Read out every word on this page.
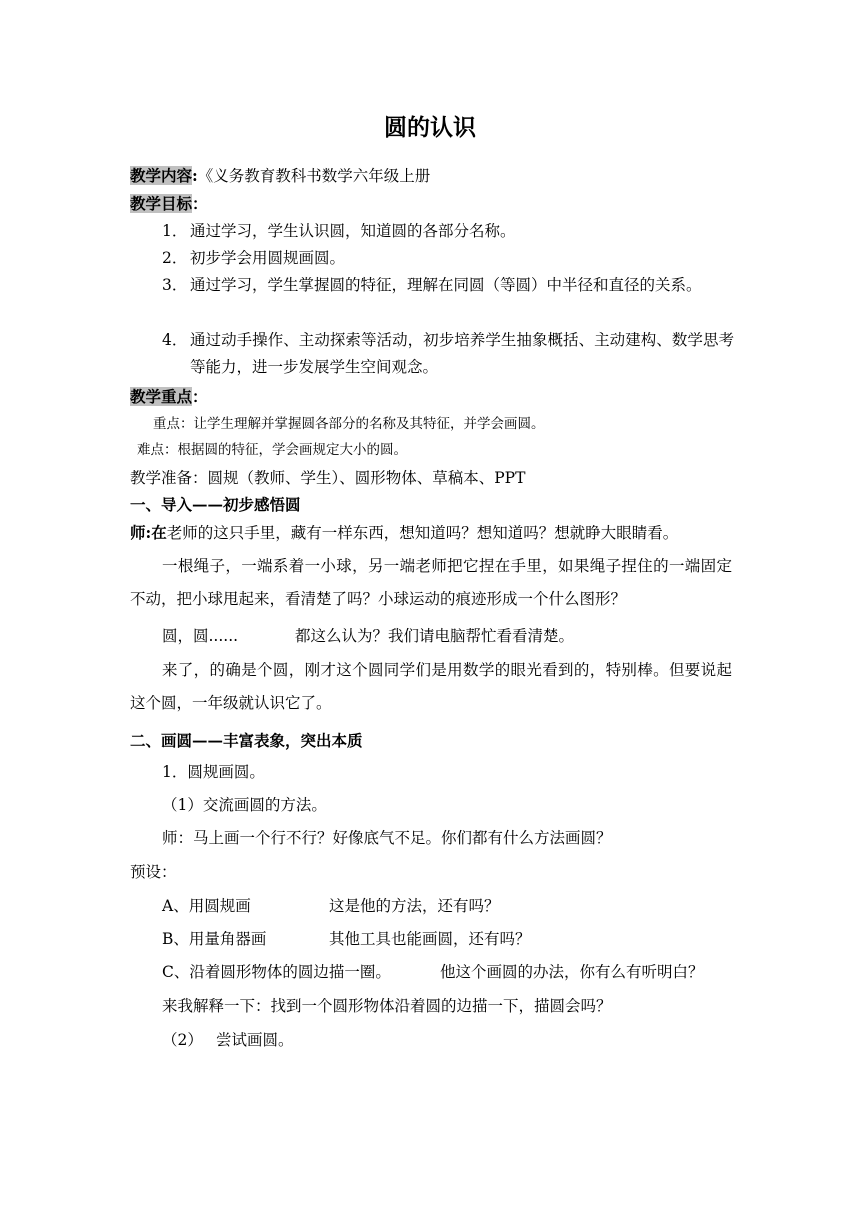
圆的认识
教学内容:《义务教育教科书数学六年级上册
教学目标：
1． 通过学习，学生认识圆，知道圆的各部分名称。
2． 初步学会用圆规画圆。
3． 通过学习，学生掌握圆的特征，理解在同圆（等圆）中半径和直径的关系。
4． 通过动手操作、主动探索等活动，初步培养学生抽象概括、主动建构、数学思考等能力，进一步发展学生空间观念。
教学重点：
重点：让学生理解并掌握圆各部分的名称及其特征，并学会画圆。
难点：根据圆的特征，学会画规定大小的圆。
教学准备：圆规（教师、学生）、圆形物体、草稿本、PPT
一、导入——初步感悟圆
师:在老师的这只手里，藏有一样东西，想知道吗？想知道吗？想就睁大眼睛看。
一根绳子，一端系着一小球，另一端老师把它捏在手里，如果绳子捏住的一端固定不动，把小球甩起来，看清楚了吗？小球运动的痕迹形成一个什么图形？
圆，圆......	都这么认为？我们请电脑帮忙看看清楚。
来了，的确是个圆，刚才这个圆同学们是用数学的眼光看到的，特别棒。但要说起这个圆，一年级就认识它了。
二、画圆——丰富表象，突出本质
1．圆规画圆。
（1）交流画圆的方法。
师：马上画一个行不行？好像底气不足。你们都有什么方法画圆？
预设：
A、用圆规画	这是他的方法，还有吗？
B、用量角器画	其他工具也能画圆，还有吗？
C、沿着圆形物体的圆边描一圈。	他这个画圆的办法，你有么有听明白？
来我解释一下：找到一个圆形物体沿着圆的边描一下，描圆会吗？
（2） 尝试画圆。
